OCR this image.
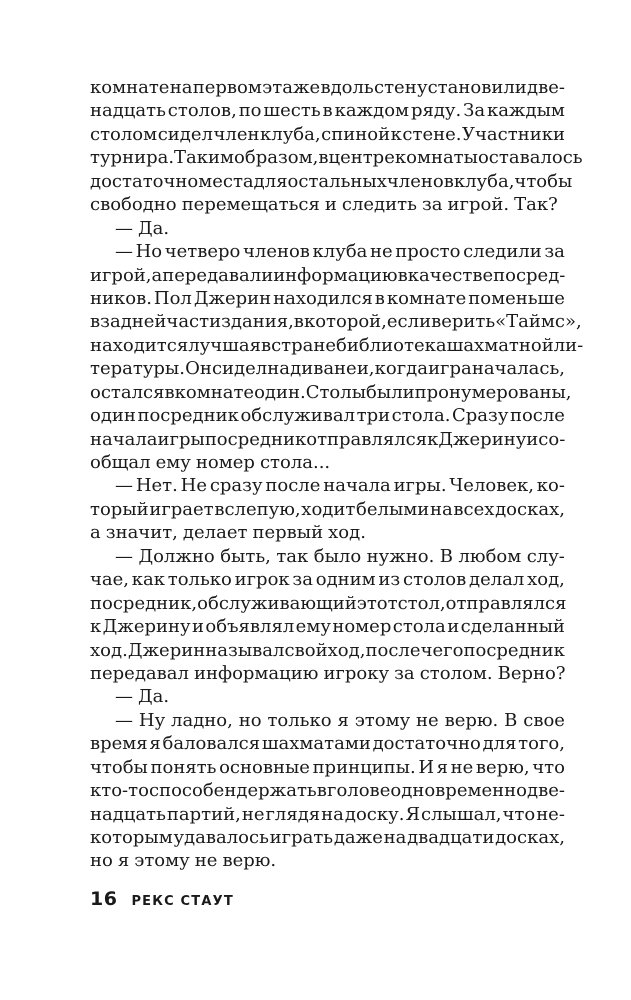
комнате на первом этаже вдоль стен установили две-
надцать столов, по шесть в каждом ряду. За каждым
столом сидел член клуба, спиной к стене. Участники
турнира. Таким образом, в центре комнаты оставалось
достаточно места для остальных членов клуба, чтобы
свободно перемещаться и следить за игрой. Так?
— Да.
— Но четверо членов клуба не просто следили за
игрой, а передавали информацию в качестве посред-
ников. Пол Джерин находился в комнате поменьше
в задней части здания, в которой, если верить «Таймс»,
находится лучшая в стране библиотека шахматной ли-
тературы. Он сидел на диване и, когда игра началась,
остался в комнате один. Столы были пронумерованы,
один посредник обслуживал три стола. Сразу после
начала игры посредник отправлялся к Джерину и со-
общал ему номер стола...
— Нет. Не сразу после начала игры. Человек, ко-
торый играет вслепую, ходит белыми на всех досках,
а значит, делает первый ход.
— Должно быть, так было нужно. В любом слу-
чае, как только игрок за одним из столов делал ход,
посредник, обслуживающий этот стол, отправлялся
к Джерину и объявлял ему номер стола и сделанный
ход. Джерин называл свой ход, после чего посредник
передавал информацию игроку за столом. Верно?
— Да.
— Ну ладно, но только я этому не верю. В свое
время я баловался шахматами достаточно для того,
чтобы понять основные принципы. И я не верю, что
кто-то способен держать в голове одновременно две-
надцать партий, не глядя на доску. Я слышал, что не-
которым удавалось играть даже на двадцати досках,
но я этому не верю.
16 РЕКС СТАУТ
